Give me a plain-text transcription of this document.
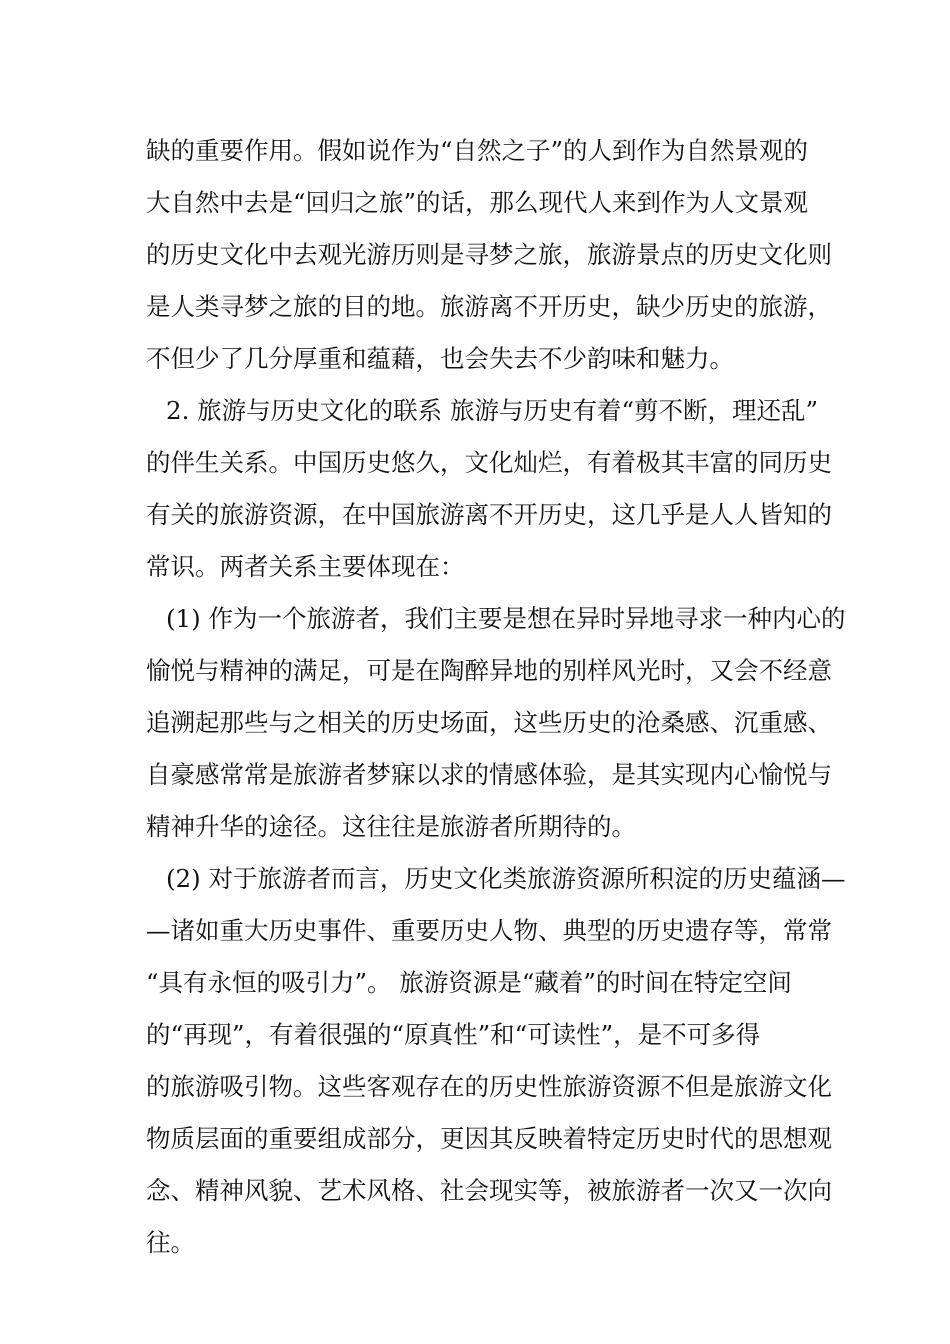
缺的重要作用。假如说作为“自然之子”的人到作为自然景观的
大自然中去是“回归之旅”的话，那么现代人来到作为人文景观
的历史文化中去观光游历则是寻梦之旅，旅游景点的历史文化则
是人类寻梦之旅的目的地。旅游离不开历史，缺少历史的旅游，
不但少了几分厚重和蕴藉，也会失去不少韵味和魅力。
2. 旅游与历史文化的联系 旅游与历史有着“剪不断，理还乱”
的伴生关系。中国历史悠久，文化灿烂，有着极其丰富的同历史
有关的旅游资源，在中国旅游离不开历史，这几乎是人人皆知的
常识。两者关系主要体现在：
(1) 作为一个旅游者，我们主要是想在异时异地寻求一种内心的
愉悦与精神的满足，可是在陶醉异地的别样风光时，又会不经意
追溯起那些与之相关的历史场面，这些历史的沧桑感、沉重感、
自豪感常常是旅游者梦寐以求的情感体验，是其实现内心愉悦与
精神升华的途径。这往往是旅游者所期待的。
(2) 对于旅游者而言，历史文化类旅游资源所积淀的历史蕴涵—
—诸如重大历史事件、重要历史人物、典型的历史遗存等，常常
“具有永恒的吸引力”。 旅游资源是“藏着”的时间在特定空间
的“再现”，有着很强的“原真性”和“可读性”，是不可多得
的旅游吸引物。这些客观存在的历史性旅游资源不但是旅游文化
物质层面的重要组成部分，更因其反映着特定历史时代的思想观
念、精神风貌、艺术风格、社会现实等，被旅游者一次又一次向
往。
